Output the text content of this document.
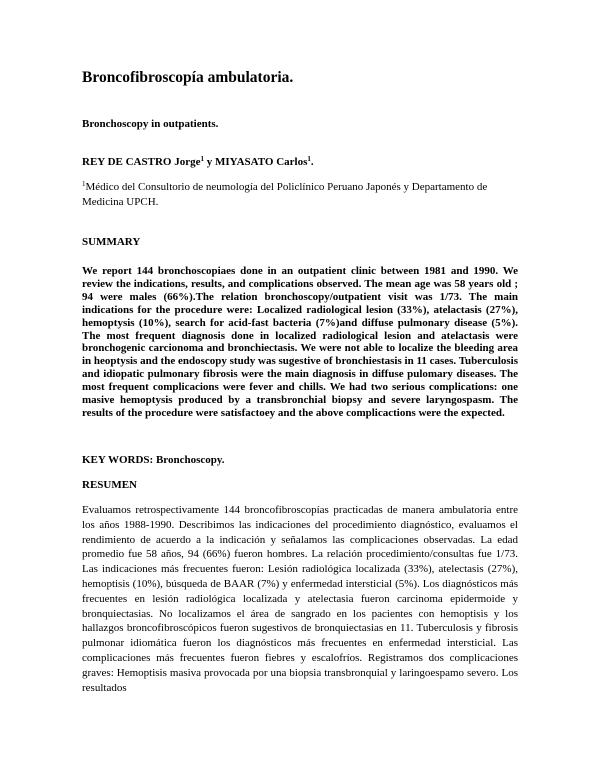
Broncofibroscopía ambulatoria.
Bronchoscopy in outpatients.
REY DE CASTRO Jorge$^1$ y MIYASATO Carlos$^1$.
$^1$Médico del Consultorio de neumología del Policlínico Peruano Japonés y Departamento de Medicina UPCH.
SUMMARY

We report 144 bronchoscopiaes done in an outpatient clinic between 1981 and 1990. We review the indications, results, and complications observed. The mean age was 58 years old ; 94 were males (66%).The relation bronchoscopy/outpatient visit was 1/73. The main indications for the procedure were: Localized radiological lesion (33%), atelactasis (27%), hemoptysis (10%), search for acid-fast bacteria (7%)and diffuse pulmonary disease (5%). The most frequent diagnosis done in localized radiological lesion and atelactasis were bronchogenic carcionoma and bronchiectasis. We were not able to localize the bleeding area in heoptysis and the endoscopy study was sugestive of bronchiestasis in 11 cases. Tuberculosis and idiopatic pulmonary fibrosis were the main diagnosis in diffuse pulomary diseases. The most frequent complicacions were fever and chills. We had two serious complications: one masive hemoptysis produced by a transbronchial biopsy and severe laryngospasm. The results of the procedure were satisfactoey and the above complicactions were the expected.

KEY WORDS: Bronchoscopy.
RESUMEN

Evaluamos retrospectivamente 144 broncofibroscopías practicadas de manera ambulatoria entre los años 1988-1990. Describimos las indicaciones del procedimiento diagnóstico, evaluamos el rendimiento de acuerdo a la indicación y señalamos las complicaciones observadas. La edad promedio fue 58 años, 94 (66%) fueron hombres. La relación procedimiento/consultas fue 1/73. Las indicaciones más frecuentes fueron: Lesión radiológica localizada (33%), atelectasis (27%), hemoptisis (10%), búsqueda de BAAR (7%) y enfermedad intersticial (5%). Los diagnósticos más frecuentes en lesión radiológica localizada y atelectasia fueron carcinoma epidermoide y bronquiectasias. No localizamos el área de sangrado en los pacientes con hemoptisis y los hallazgos broncofibroscópicos fueron sugestivos de bronquiectasias en 11. Tuberculosis y fibrosis pulmonar idiomática fueron los diagnósticos más frecuentes en enfermedad intersticial. Las complicaciones más frecuentes fueron fiebres y escalofríos. Registramos dos complicaciones graves: Hemoptisis masiva provocada por una biopsia transbronquial y laringoespamo severo. Los resultados
